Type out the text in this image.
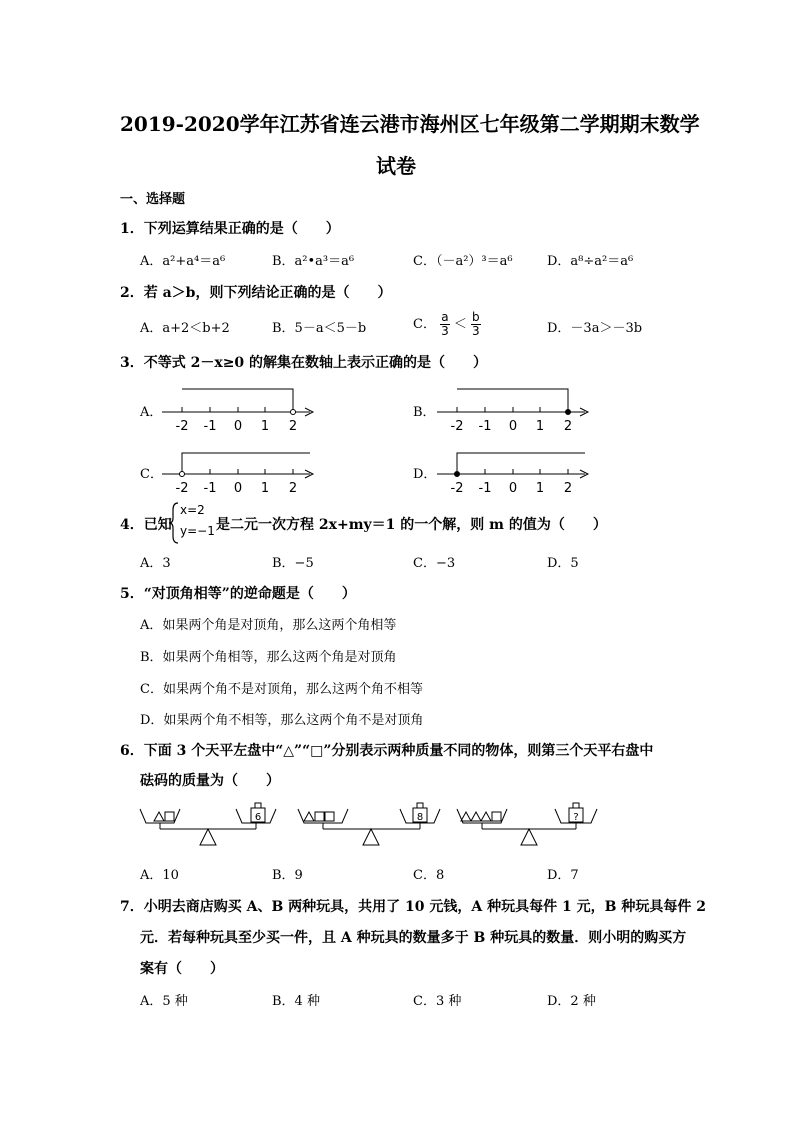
2019-2020学年江苏省连云港市海州区七年级第二学期期末数学
试卷
一、选择题
1．下列运算结果正确的是（　　）
A．a²+a⁴＝a⁶	B．a²•a³＝a⁶	C．（－a²）³＝a⁶	D．a⁸÷a²＝a⁶
2．若 a＞b，则下列结论正确的是（　　）
A．a+2＜b+2	B．5－a＜5－b	C． $\frac{a}{3} < \frac{b}{3}$	D．－3a＞－3b
3．不等式 2－x≥0 的解集在数轴上表示正确的是（　　）
A．
-2 -1 0 1 2
B．
-2 -1 0 1 2
C．
-2 -1 0 1 2
D．
-2 -1 0 1 2
4．已知
x=2
y=−1 是二元一次方程 2x+my＝1 的一个解，则 m 的值为（　　）
A．3	B．−5	C．−3	D．5
5．“对顶角相等”的逆命题是（　　）
A．如果两个角是对顶角，那么这两个角相等
B．如果两个角相等，那么这两个角是对顶角
C．如果两个角不是对顶角，那么这两个角不相等
D．如果两个角不相等，那么这两个角不是对顶角
6．下面 3 个天平左盘中“△”“□”分别表示两种质量不同的物体，则第三个天平右盘中
砝码的质量为（　　）
6	8	?
A．10	B．9	C．8	D．7
7．小明去商店购买 A、B 两种玩具，共用了 10 元钱，A 种玩具每件 1 元，B 种玩具每件 2
元．若每种玩具至少买一件，且 A 种玩具的数量多于 B 种玩具的数量．则小明的购买方
案有（　　）
A．5 种	B．4 种	C．3 种	D．2 种
